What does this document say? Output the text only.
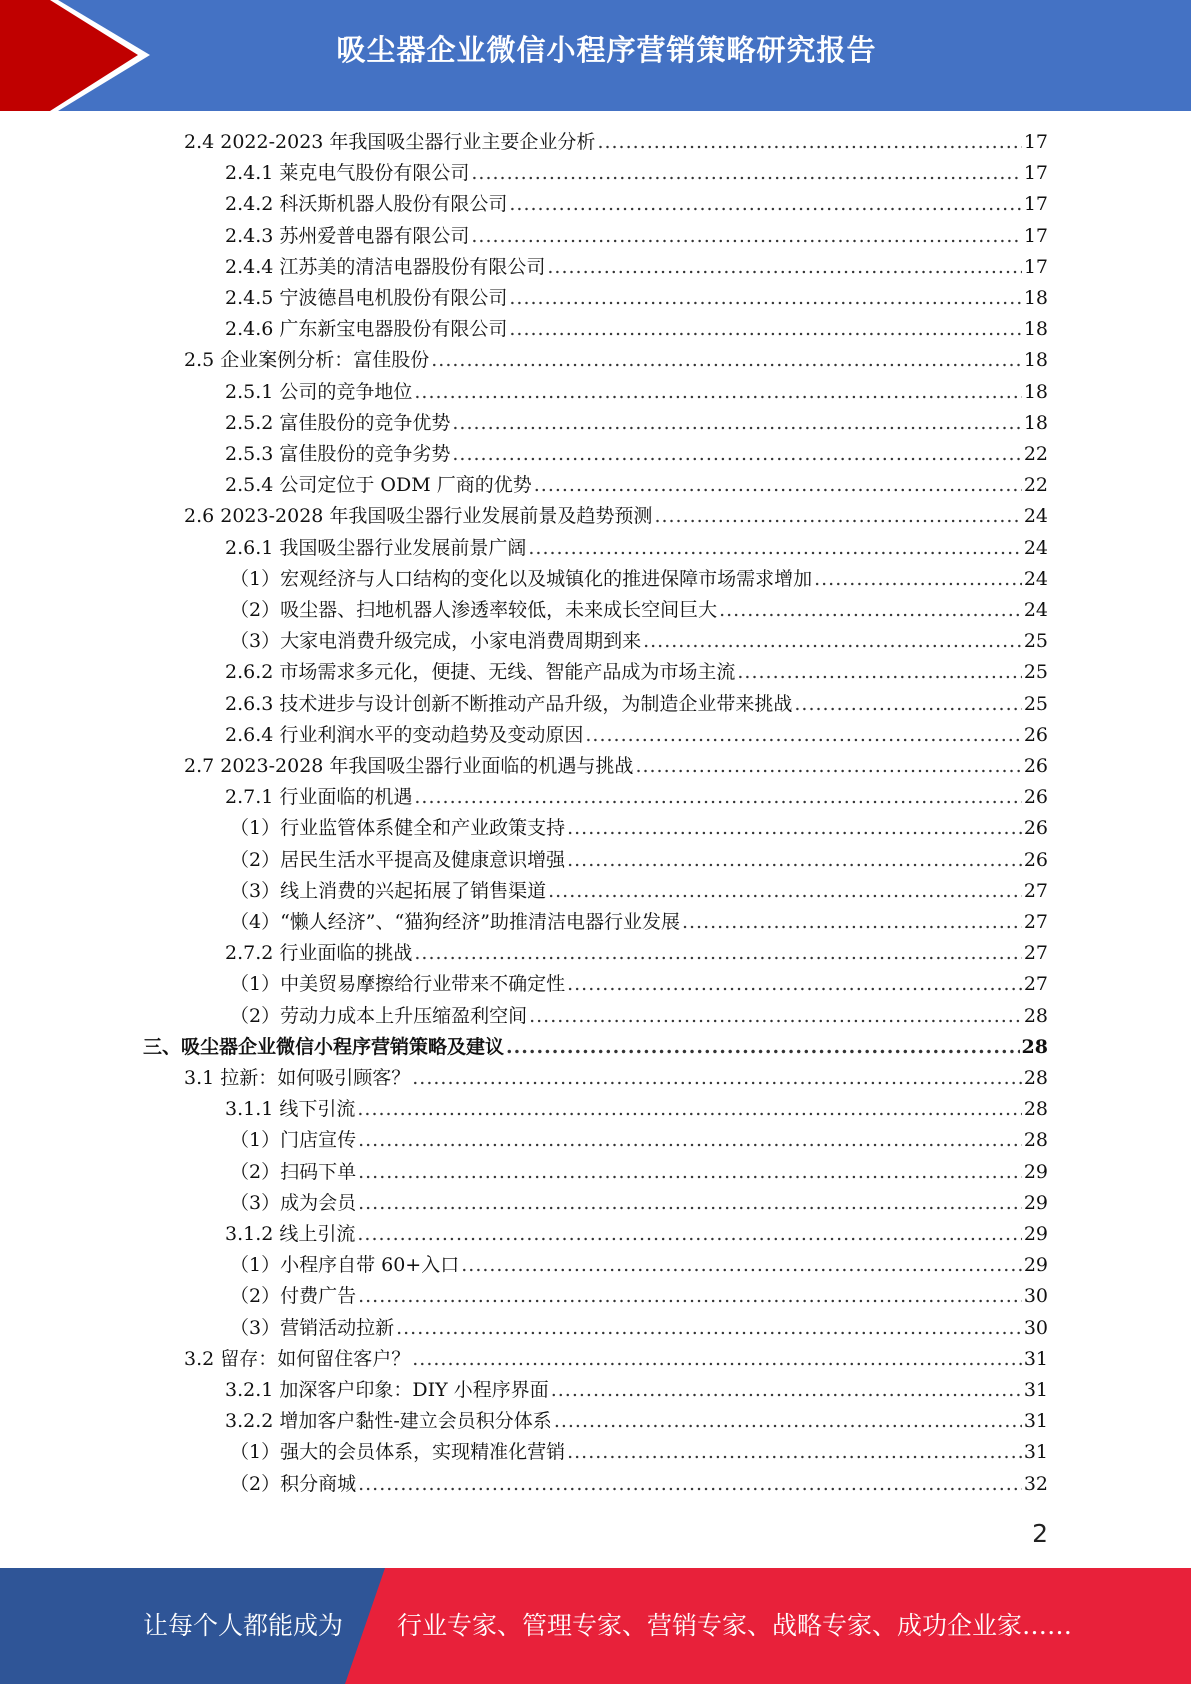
吸尘器企业微信小程序营销策略研究报告
2.4 2022-2023 年我国吸尘器行业主要企业分析 .....	17
2.4.1 莱克电气股份有限公司 .....	17
2.4.2 科沃斯机器人股份有限公司 .....	17
2.4.3 苏州爱普电器有限公司 .....	17
2.4.4 江苏美的清洁电器股份有限公司 .....	17
2.4.5 宁波德昌电机股份有限公司 .....	18
2.4.6 广东新宝电器股份有限公司 .....	18
2.5 企业案例分析：富佳股份 .....	18
2.5.1 公司的竞争地位 .....	18
2.5.2 富佳股份的竞争优势 .....	18
2.5.3 富佳股份的竞争劣势 .....	22
2.5.4 公司定位于 ODM 厂商的优势 .....	22
2.6 2023-2028 年我国吸尘器行业发展前景及趋势预测 .....	24
2.6.1 我国吸尘器行业发展前景广阔 .....	24
（1）宏观经济与人口结构的变化以及城镇化的推进保障市场需求增加 .....	24
（2）吸尘器、扫地机器人渗透率较低，未来成长空间巨大 .....	24
（3）大家电消费升级完成，小家电消费周期到来 .....	25
2.6.2 市场需求多元化，便捷、无线、智能产品成为市场主流 .....	25
2.6.3 技术进步与设计创新不断推动产品升级，为制造企业带来挑战 .....	25
2.6.4 行业利润水平的变动趋势及变动原因 .....	26
2.7 2023-2028 年我国吸尘器行业面临的机遇与挑战 .....	26
2.7.1 行业面临的机遇 .....	26
（1）行业监管体系健全和产业政策支持 .....	26
（2）居民生活水平提高及健康意识增强 .....	26
（3）线上消费的兴起拓展了销售渠道 .....	27
（4）“懒人经济”、“猫狗经济”助推清洁电器行业发展 .....	27
2.7.2 行业面临的挑战 .....	27
（1）中美贸易摩擦给行业带来不确定性 .....	27
（2）劳动力成本上升压缩盈利空间 .....	28
三、吸尘器企业微信小程序营销策略及建议 .....	28
3.1 拉新：如何吸引顾客？ .....	28
3.1.1 线下引流 .....	28
（1）门店宣传 .....	28
（2）扫码下单 .....	29
（3）成为会员 .....	29
3.1.2 线上引流 .....	29
（1）小程序自带 60+入口 .....	29
（2）付费广告 .....	30
（3）营销活动拉新 .....	30
3.2 留存：如何留住客户？ .....	31
3.2.1 加深客户印象：DIY 小程序界面 .....	31
3.2.2 增加客户黏性-建立会员积分体系 .....	31
（1）强大的会员体系，实现精准化营销 .....	31
（2）积分商城 .....	32
2
让每个人都能成为 行业专家、管理专家、营销专家、战略专家、成功企业家……
